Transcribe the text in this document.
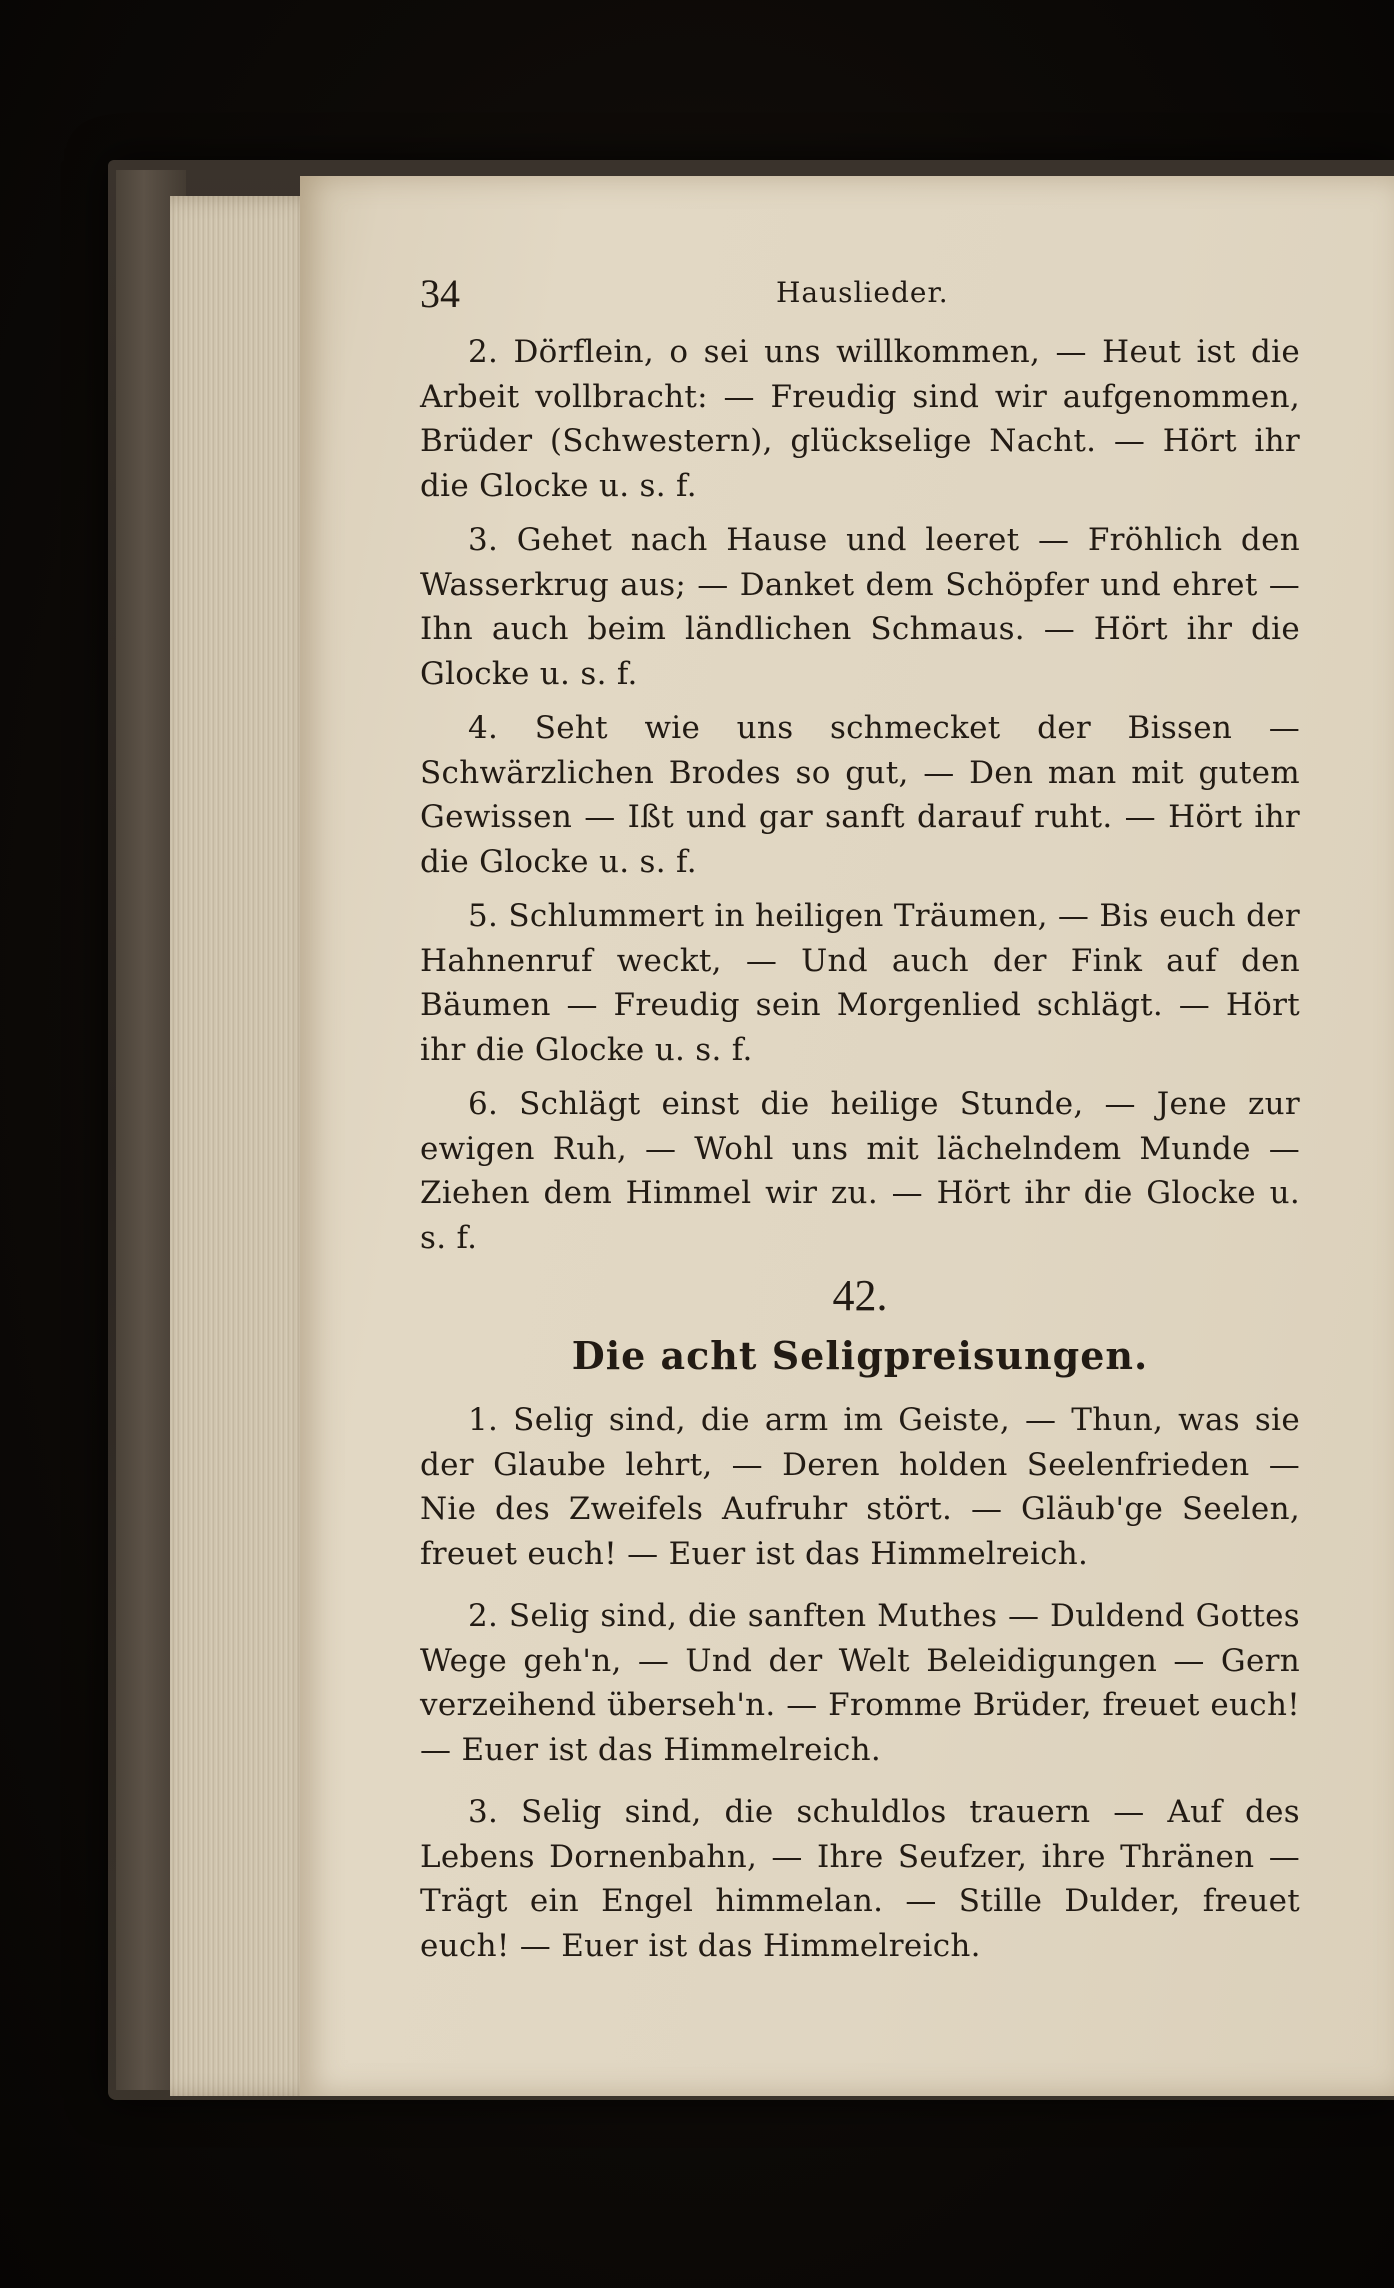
34	Hauslieder.

2. Dörflein, o sei uns willkommen, — Heut ist die Arbeit vollbracht: — Freudig sind wir aufgenommen, Brüder (Schwestern), glückselige Nacht. — Hört ihr die Glocke u. s. f.

3. Gehet nach Hause und leeret — Fröhlich den Wasserkrug aus; — Danket dem Schöpfer und ehret — Ihn auch beim ländlichen Schmaus. — Hört ihr die Glocke u. s. f.

4. Seht wie uns schmecket der Bissen — Schwärzlichen Brodes so gut, — Den man mit gutem Gewissen — Ißt und gar sanft darauf ruht. — Hört ihr die Glocke u. s. f.

5. Schlummert in heiligen Träumen, — Bis euch der Hahnenruf weckt, — Und auch der Fink auf den Bäumen — Freudig sein Morgenlied schlägt. — Hört ihr die Glocke u. s. f.

6. Schlägt einst die heilige Stunde, — Jene zur ewigen Ruh, — Wohl uns mit lächelndem Munde — Ziehen dem Himmel wir zu. — Hört ihr die Glocke u. s. f.

42.
Die acht Seligpreisungen.

1. Selig sind, die arm im Geiste, — Thun, was sie der Glaube lehrt, — Deren holden Seelenfrieden — Nie des Zweifels Aufruhr stört. — Gläub'ge Seelen, freuet euch! — Euer ist das Himmelreich.

2. Selig sind, die sanften Muthes — Duldend Gottes Wege geh'n, — Und der Welt Beleidigungen — Gern verzeihend überseh'n. — Fromme Brüder, freuet euch! — Euer ist das Himmelreich.

3. Selig sind, die schuldlos trauern — Auf des Lebens Dornenbahn, — Ihre Seufzer, ihre Thränen — Trägt ein Engel himmelan. — Stille Dulder, freuet euch! — Euer ist das Himmelreich.
